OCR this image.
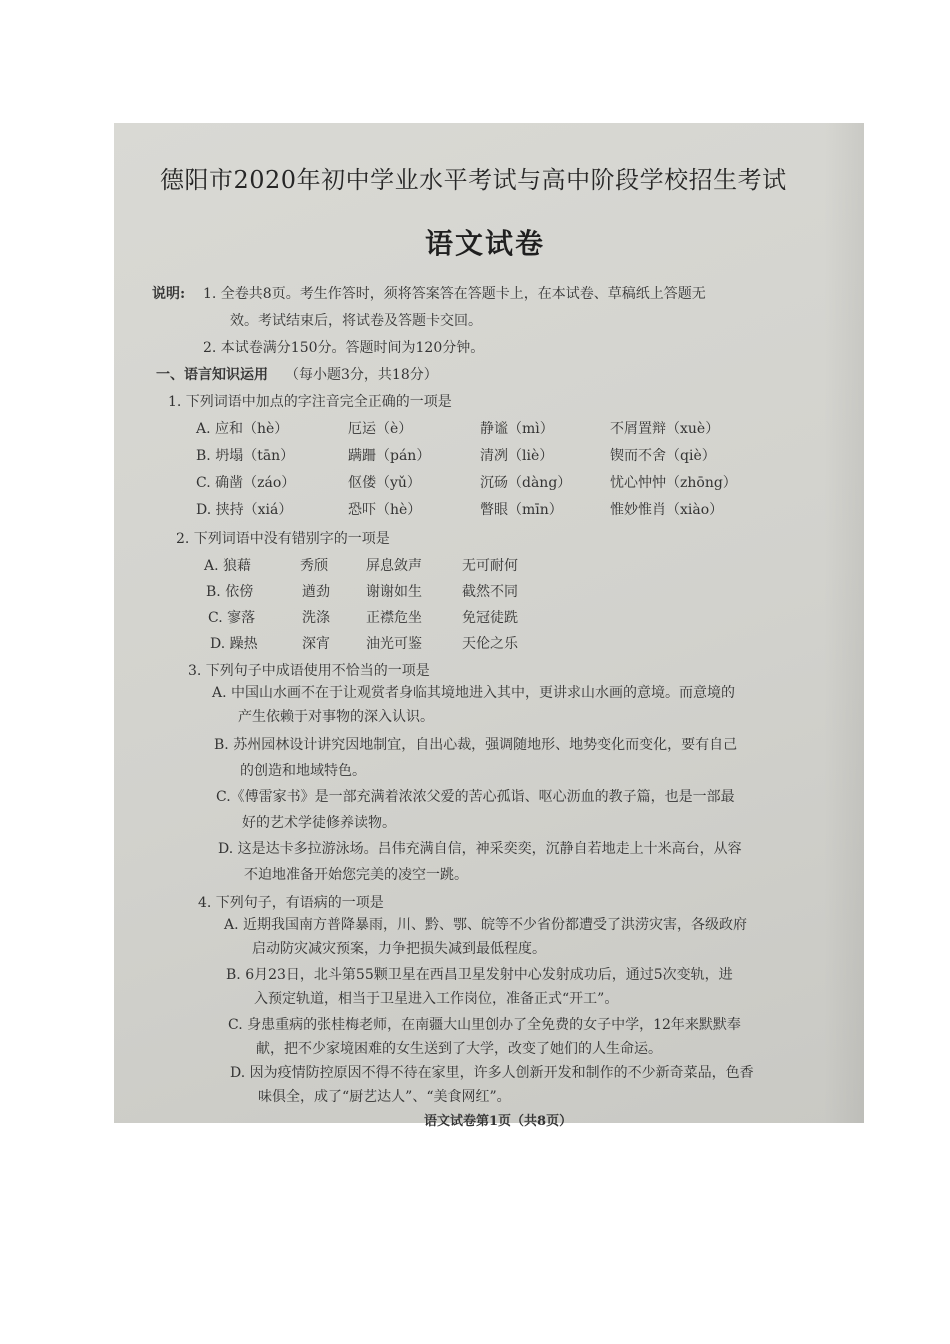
德阳市2020年初中学业水平考试与高中阶段学校招生考试
语文试卷
说明: 1. 全卷共8页。考生作答时，须将答案答在答题卡上，在本试卷、草稿纸上答题无
效。考试结束后，将试卷及答题卡交回。
2. 本试卷满分150分。答题时间为120分钟。
一、语言知识运用 （每小题3分，共18分）
1. 下列词语中加点的字注音完全正确的一项是
A. 应和（hè）	厄运（è）	静谧（mì）	不屑置辩（xuè）
B. 坍塌（tān）	蹒跚（pán）	清冽（liè）	锲而不舍（qiè）
C. 确凿（záo）	伛偻（yǔ）	沉砀（dàng）	忧心忡忡（zhōng）
D. 挟持（xiá）	恐吓（hè）	瞥眼（mīn）	惟妙惟肖（xiào）
2. 下列词语中没有错别字的一项是
A. 狼藉	秀颀	屏息敛声	无可耐何
B. 依傍	遒劲	谢谢如生	截然不同
C. 寥落	洗涤	正襟危坐	免冠徒跣
D. 躁热	深宵	油光可鉴	天伦之乐
3. 下列句子中成语使用不恰当的一项是
A. 中国山水画不在于让观赏者身临其境地进入其中，更讲求山水画的意境。而意境的
产生依赖于对事物的深入认识。
B. 苏州园林设计讲究因地制宜，自出心裁，强调随地形、地势变化而变化，要有自己
的创造和地域特色。
C.《傅雷家书》是一部充满着浓浓父爱的苦心孤诣、呕心沥血的教子篇，也是一部最
好的艺术学徒修养读物。
D. 这是达卡多拉游泳场。吕伟充满自信，神采奕奕，沉静自若地走上十米高台，从容
不迫地准备开始您完美的凌空一跳。
4. 下列句子，有语病的一项是
A. 近期我国南方普降暴雨，川、黔、鄂、皖等不少省份都遭受了洪涝灾害，各级政府
启动防灾减灾预案，力争把损失减到最低程度。
B. 6月23日，北斗第55颗卫星在西昌卫星发射中心发射成功后，通过5次变轨，进
入预定轨道，相当于卫星进入工作岗位，准备正式“开工”。
C. 身患重病的张桂梅老师，在南疆大山里创办了全免费的女子中学，12年来默默奉
献，把不少家境困难的女生送到了大学，改变了她们的人生命运。
D. 因为疫情防控原因不得不待在家里，许多人创新开发和制作的不少新奇菜品，色香
味俱全，成了“厨艺达人”、“美食网红”。
语文试卷第1页（共8页）
